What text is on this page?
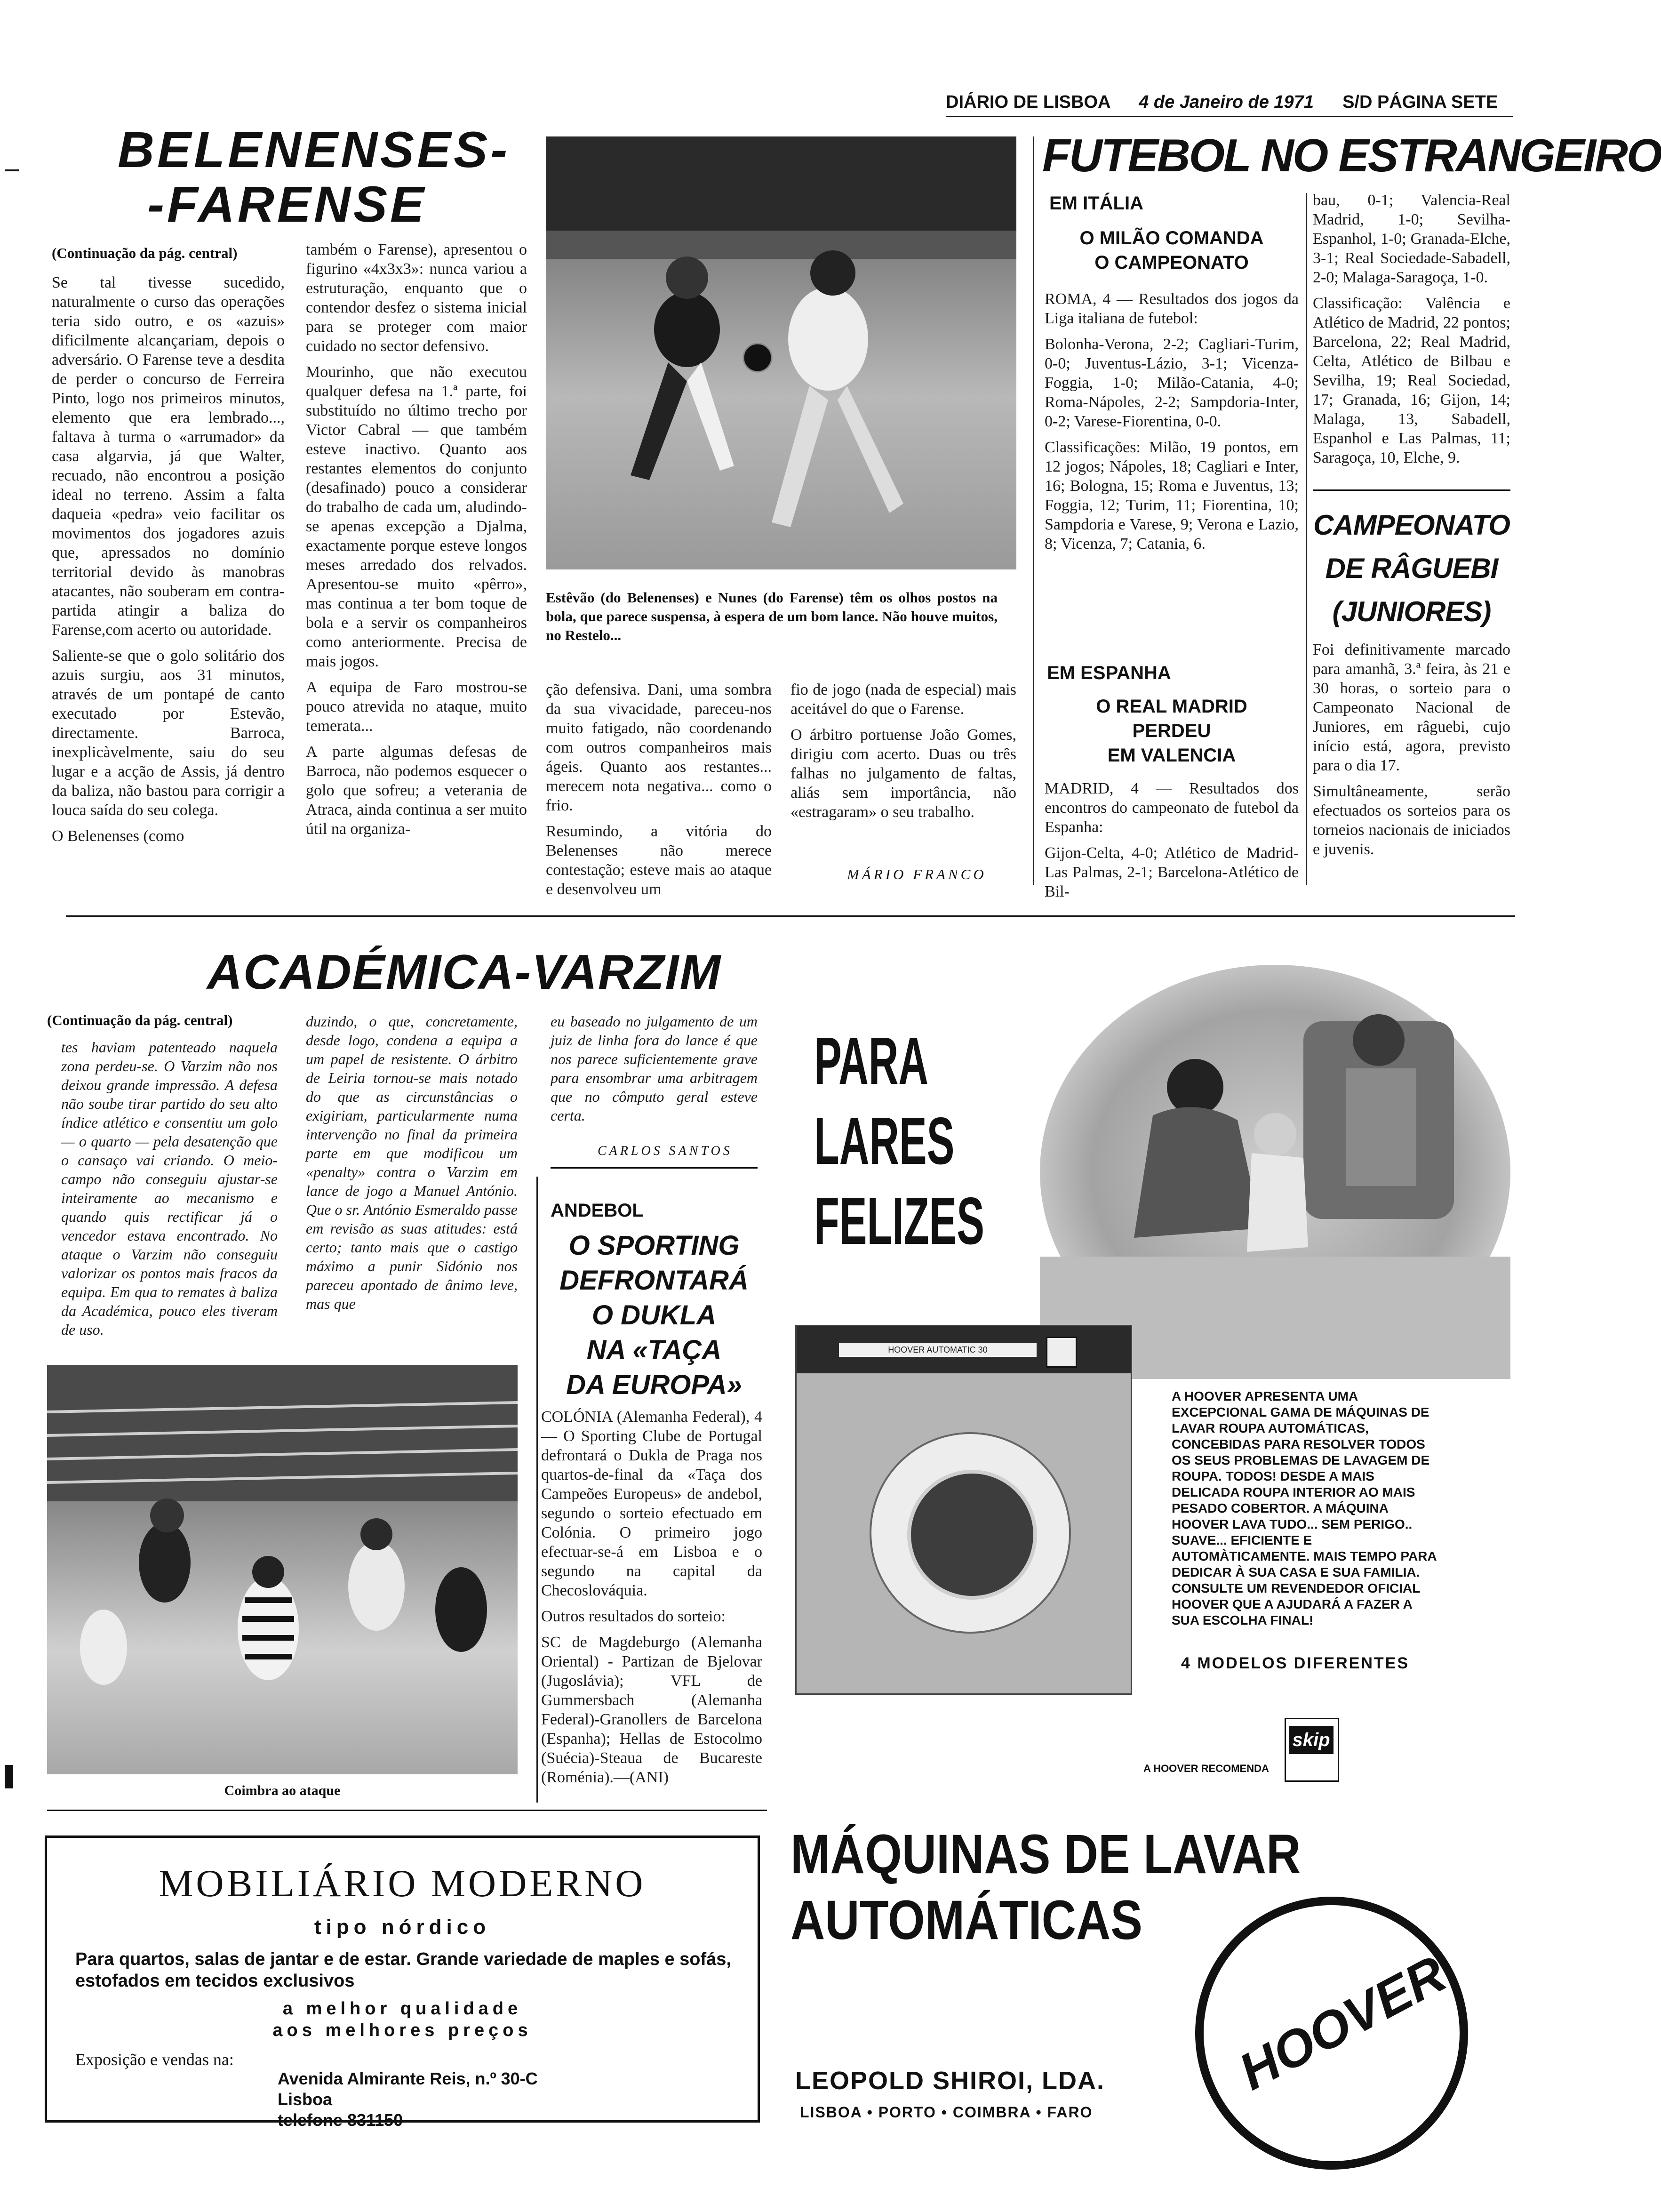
DIÁRIO DE LISBOA 4 de Janeiro de 1971 S/D PÁGINA SETE
BELENENSES-
-FARENSE
(Continuação da pág. central)

Se tal tivesse sucedido, naturalmente o curso das operações teria sido outro, e os «azuis» dificilmente alcançariam, depois o adversário. O Farense teve a desdita de perder o concurso de Ferreira Pinto, logo nos primeiros minutos, elemento que era lembrado..., faltava à turma o «arrumador» da casa algarvia, já que Walter, recuado, não encontrou a posição ideal no terreno. Assim a falta daqueia «pedra» veio facilitar os movimentos dos jogadores azuis que, apressados no domínio territorial devido às manobras atacantes, não souberam em contra-partida atingir a baliza do Farense,com acerto ou autoridade.

Saliente-se que o golo solitário dos azuis surgiu, aos 31 minutos, através de um pontapé de canto executado por Estevão, directamente. Barroca, inexplicàvelmente, saiu do seu lugar e a acção de Assis, já dentro da baliza, não bastou para corrigir a louca saída do seu colega.

O Belenenses (como

também o Farense), apresentou o figurino «4x3x3»: nunca variou a estruturação, enquanto que o contendor desfez o sistema inicial para se proteger com maior cuidado no sector defensivo.

Mourinho, que não executou qualquer defesa na 1.ª parte, foi substituído no último trecho por Victor Cabral — que também esteve inactivo. Quanto aos restantes elementos do conjunto (desafinado) pouco a considerar do trabalho de cada um, aludindo-se apenas excepção a Djalma, exactamente porque esteve longos meses arredado dos relvados. Apresentou-se muito «pêrro», mas continua a ter bom toque de bola e a servir os companheiros como anteriormente. Precisa de mais jogos.

A equipa de Faro mostrou-se pouco atrevida no ataque, muito temerata...

A parte algumas defesas de Barroca, não podemos esquecer o golo que sofreu; a veterania de Atraca, ainda continua a ser muito útil na organiza-

Estêvão (do Belenenses) e Nunes (do Farense) têm os olhos postos na bola, que parece suspensa, à espera de um bom lance. Não houve muitos, no Restelo...

ção defensiva. Dani, uma sombra da sua vivacidade, pareceu-nos muito fatigado, não coordenando com outros companheiros mais ágeis. Quanto aos restantes... merecem nota negativa... como o frio.

Resumindo, a vitória do Belenenses não merece contestação; esteve mais ao ataque e desenvolveu um

fio de jogo (nada de especial) mais aceitável do que o Farense.

O árbitro portuense João Gomes, dirigiu com acerto. Duas ou três falhas no julgamento de faltas, aliás sem importância, não «estragaram» o seu trabalho.

MÁRIO FRANCO
FUTEBOL NO ESTRANGEIRO
EM ITÁLIA
O MILÃO COMANDA
O CAMPEONATO

ROMA, 4 — Resultados dos jogos da Liga italiana de futebol:

Bolonha-Verona, 2-2; Cagliari-Turim, 0-0; Juventus-Lázio, 3-1; Vicenza-Foggia, 1-0; Milão-Catania, 4-0; Roma-Nápoles, 2-2; Sampdoria-Inter, 0-2; Varese-Fiorentina, 0-0.

Classificações: Milão, 19 pontos, em 12 jogos; Nápoles, 18; Cagliari e Inter, 16; Bologna, 15; Roma e Juventus, 13; Foggia, 12; Turim, 11; Fiorentina, 10; Sampdoria e Varese, 9; Verona e Lazio, 8; Vicenza, 7; Catania, 6.

EM ESPANHA
O REAL MADRID
PERDEU
EM VALENCIA

MADRID, 4 — Resultados dos encontros do campeonato de futebol da Espanha:

Gijon-Celta, 4-0; Atlético de Madrid-Las Palmas, 2-1; Barcelona-Atlético de Bil-

bau, 0-1; Valencia-Real Madrid, 1-0; Sevilha-Espanhol, 1-0; Granada-Elche, 3-1; Real Sociedade-Sabadell, 2-0; Malaga-Saragoça, 1-0.

Classificação: Valência e Atlético de Madrid, 22 pontos; Barcelona, 22; Real Madrid, Celta, Atlético de Bilbau e Sevilha, 19; Real Sociedad, 17; Granada, 16; Gijon, 14; Malaga, 13, Sabadell, Espanhol e Las Palmas, 11; Saragoça, 10, Elche, 9.

CAMPEONATO
DE RÂGUEBI
(JUNIORES)

Foi definitivamente marcado para amanhã, 3.ª feira, às 21 e 30 horas, o sorteio para o Campeonato Nacional de Juniores, em râguebi, cujo início está, agora, previsto para o dia 17.

Simultâneamente, serão efectuados os sorteios para os torneios nacionais de iniciados e juvenis.

ACADÉMICA-VARZIM
(Continuação da pág. central)
tes haviam patenteado naquela zona perdeu-se. O Varzim não nos deixou grande impressão. A defesa não soube tirar partido do seu alto índice atlético e consentiu um golo — o quarto — pela desatenção que o cansaço vai criando. O meio-campo não conseguiu ajustar-se inteiramente ao mecanismo e quando quis rectificar já o vencedor estava encontrado. No ataque o Varzim não conseguiu valorizar os pontos mais fracos da equipa. Em qua to remates à baliza da Académica, pouco eles tiveram de uso.
duzindo, o que, concretamente, desde logo, condena a equipa a um papel de resistente. O árbitro de Leiria tornou-se mais notado do que as circunstâncias o exigiriam, particularmente numa intervenção no final da primeira parte em que modificou um «penalty» contra o Varzim em lance de jogo a Manuel António. Que o sr. António Esmeraldo passe em revisão as suas atitudes: está certo; tanto mais que o castigo máximo a punir Sidónio nos pareceu apontado de ânimo leve, mas que
eu baseado no julgamento de um juiz de linha fora do lance é que nos parece suficientemente grave para ensombrar uma arbitragem que no cômputo geral esteve certa.
CARLOS SANTOS
Coimbra ao ataque
ANDEBOL
O SPORTING
DEFRONTARÁ
O DUKLA
NA «TAÇA
DA EUROPA»

COLÓNIA (Alemanha Federal), 4 — O Sporting Clube de Portugal defrontará o Dukla de Praga nos quartos-de-final da «Taça dos Campeões Europeus» de andebol, segundo o sorteio efectuado em Colónia. O primeiro jogo efectuar-se-á em Lisboa e o segundo na capital da Checoslováquia.

Outros resultados do sorteio:

SC de Magdeburgo (Alemanha Oriental) - Partizan de Bjelovar (Jugoslávia); VFL de Gummersbach (Alemanha Federal)-Granollers de Barcelona (Espanha); Hellas de Estocolmo (Suécia)-Steaua de Bucareste (Roménia).—(ANI)

PARA
LARES
FELIZES
HOOVER AUTOMATIC 30
A HOOVER APRESENTA UMA EXCEPCIONAL GAMA DE MÁQUINAS DE LAVAR ROUPA AUTOMÁTICAS, CONCEBIDAS PARA RESOLVER TODOS OS SEUS PROBLEMAS DE LAVAGEM DE ROUPA. TODOS! DESDE A MAIS DELICADA ROUPA INTERIOR AO MAIS PESADO COBERTOR. A MÁQUINA HOOVER LAVA TUDO... SEM PERIGO.. SUAVE... EFICIENTE E AUTOMÀTICAMENTE. MAIS TEMPO PARA DEDICAR À SUA CASA E SUA FAMILIA. CONSULTE UM REVENDEDOR OFICIAL HOOVER QUE A AJUDARÁ A FAZER A SUA ESCOLHA FINAL!
4 MODELOS DIFERENTES
A HOOVER RECOMENDA
skip
MÁQUINAS DE LAVAR
AUTOMÁTICAS
LEOPOLD SHIROI, LDA.
LISBOA • PORTO • COIMBRA • FARO
HOOVER
MOBILIÁRIO MODERNO
tipo nórdico
Para quartos, salas de jantar e de estar. Grande variedade de maples e sofás, estofados em tecidos exclusivos
a melhor qualidade
aos melhores preços
Exposição e vendas na:
Avenida Almirante Reis, n.º 30-C
Lisboa
telefone 831150
